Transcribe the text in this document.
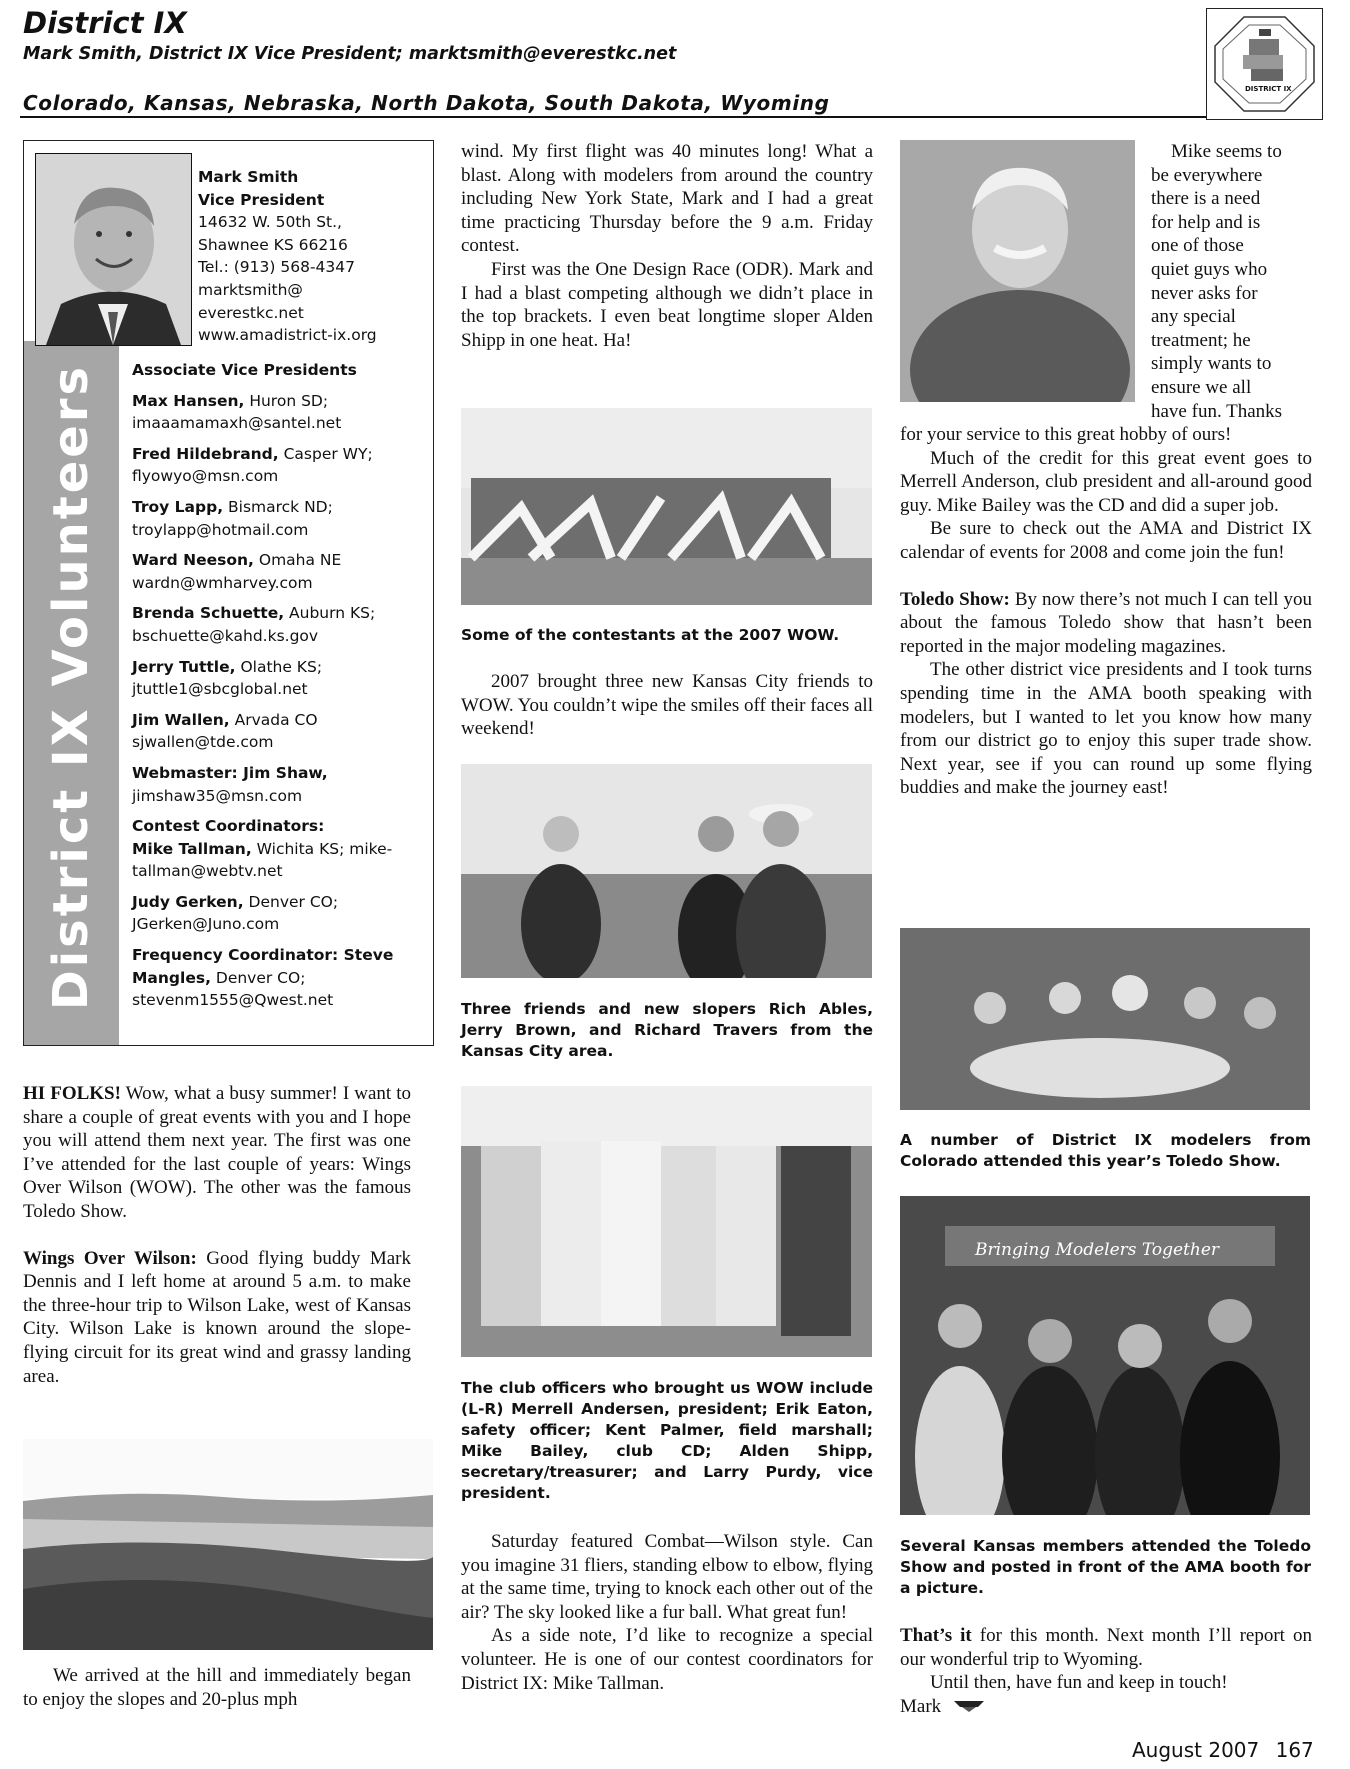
District IX
Mark Smith, District IX Vice President; marktsmith@everestkc.net
Colorado, Kansas, Nebraska, North Dakota, South Dakota, Wyoming
DISTRICT IX
District IX Volunteers
Mark Smith
Vice President
14632 W. 50th St.,
Shawnee KS 66216
Tel.: (913) 568-4347
marktsmith@
everestkc.net
www.amadistrict-ix.org
Associate Vice Presidents
Max Hansen, Huron SD;
imaaamamaxh@santel.net
Fred Hildebrand, Casper WY;
flyowyo@msn.com
Troy Lapp, Bismarck ND;
troylapp@hotmail.com
Ward Neeson, Omaha NE
wardn@wmharvey.com
Brenda Schuette, Auburn KS;
bschuette@kahd.ks.gov
Jerry Tuttle, Olathe KS;
jtuttle1@sbcglobal.net
Jim Wallen, Arvada CO
sjwallen@tde.com
Webmaster: Jim Shaw,
jimshaw35@msn.com
Contest Coordinators:
Mike Tallman, Wichita KS; mike-
tallman@webtv.net
Judy Gerken, Denver CO;
JGerken@Juno.com
Frequency Coordinator: Steve
Mangles, Denver CO;
stevenm1555@Qwest.net

HI FOLKS! Wow, what a busy summer! I want to share a couple of great events with you and I hope you will attend them next year. The first was one I’ve attended for the last couple of years: Wings Over Wilson (WOW). The other was the famous Toledo Show.

Wings Over Wilson: Good flying buddy Mark Dennis and I left home at around 5 a.m. to make the three-hour trip to Wilson Lake, west of Kansas City. Wilson Lake is known around the slope-flying circuit for its great wind and grassy landing area.

We arrived at the hill and immediately began to enjoy the slopes and 20-plus mph

wind. My first flight was 40 minutes long! What a blast. Along with modelers from around the country including New York State, Mark and I had a great time practicing Thursday before the 9 a.m. Friday contest.

First was the One Design Race (ODR). Mark and I had a blast competing although we didn’t place in the top brackets. I even beat longtime sloper Alden Shipp in one heat. Ha!

Some of the contestants at the 2007 WOW.

2007 brought three new Kansas City friends to WOW. You couldn’t wipe the smiles off their faces all weekend!

Three friends and new slopers Rich Ables, Jerry Brown, and Richard Travers from the Kansas City area.
The club officers who brought us WOW include (L-R) Merrell Andersen, president; Erik Eaton, safety officer; Kent Palmer, field marshall; Mike Bailey, club CD; Alden Shipp, secretary/treasurer; and Larry Purdy, vice president.

Saturday featured Combat—Wilson style. Can you imagine 31 fliers, standing elbow to elbow, flying at the same time, trying to knock each other out of the air? The sky looked like a fur ball. What great fun!

As a side note, I’d like to recognize a special volunteer. He is one of our contest coordinators for District IX: Mike Tallman.

Mike seems to
be everywhere
there is a need
for help and is
one of those
quiet guys who
never asks for
any special
treatment; he
simply wants to
ensure we all
have fun. Thanks

for your service to this great hobby of ours!

Much of the credit for this great event goes to Merrell Anderson, club president and all-around good guy. Mike Bailey was the CD and did a super job.

Be sure to check out the AMA and District IX calendar of events for 2008 and come join the fun!

Toledo Show: By now there’s not much I can tell you about the famous Toledo show that hasn’t been reported in the major modeling magazines.

The other district vice presidents and I took turns spending time in the AMA booth speaking with modelers, but I wanted to let you know how many from our district go to enjoy this super trade show. Next year, see if you can round up some flying buddies and make the journey east!

A number of District IX modelers from Colorado attended this year’s Toledo Show.
Bringing Modelers Together
Several Kansas members attended the Toledo Show and posted in front of the AMA booth for a picture.

That’s it for this month. Next month I’ll report on our wonderful trip to Wyoming.

Until then, have fun and keep in touch!

Mark

August 2007 167
